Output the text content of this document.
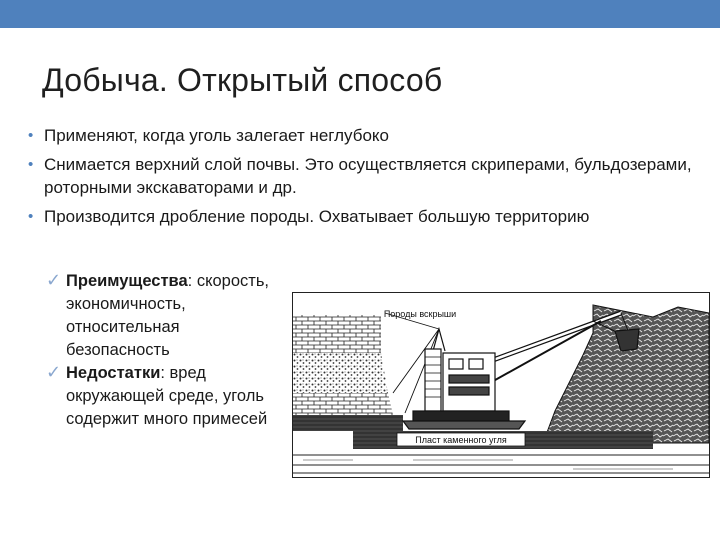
Добыча. Открытый способ
• Применяют, когда уголь залегает неглубоко
• Снимается верхний слой почвы. Это осуществляется скриперами, бульдозерами, роторными экскаваторами и др.
• Производится дробление породы. Охватывает большую территорию
✓ Преимущества: скорость, экономичность, относительная безопасность
✓ Недостатки: вред окружающей среде, уголь содержит много примесей
Пласт каменного угля
Породы вскрыши
